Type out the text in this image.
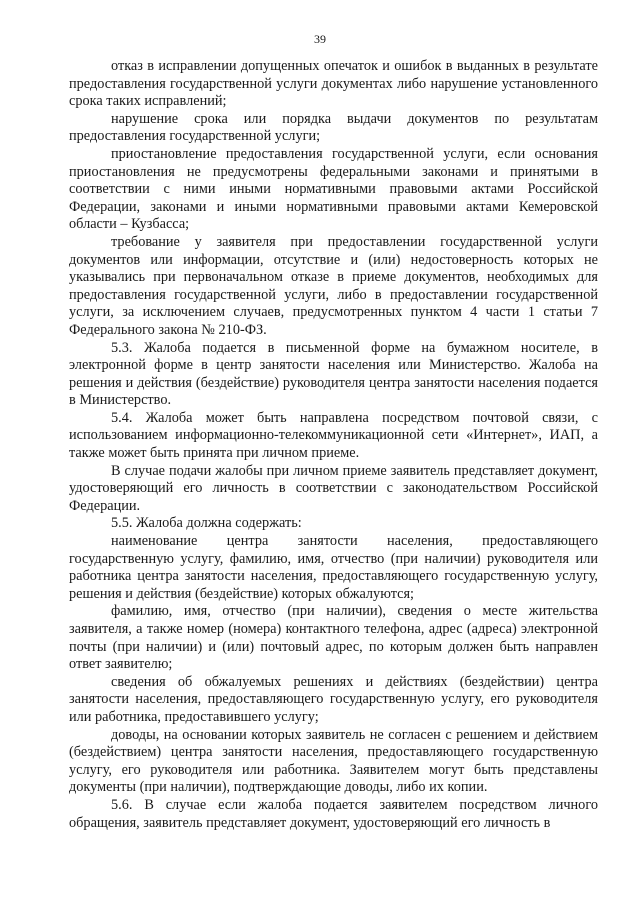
39

отказ в исправлении допущенных опечаток и ошибок в выданных в результате предоставления государственной услуги документах либо нарушение установленного срока таких исправлений;

нарушение срока или порядка выдачи документов по результатам предоставления государственной услуги;

приостановление предоставления государственной услуги, если основания приостановления не предусмотрены федеральными законами и принятыми в соответствии с ними иными нормативными правовыми актами Российской Федерации, законами и иными нормативными правовыми актами Кемеровской области – Кузбасса;

требование у заявителя при предоставлении государственной услуги документов или информации, отсутствие и (или) недостоверность которых не указывались при первоначальном отказе в приеме документов, необходимых для предоставления государственной услуги, либо в предоставлении государственной услуги, за исключением случаев, предусмотренных пунктом 4 части 1 статьи 7 Федерального закона № 210-ФЗ.

5.3. Жалоба подается в письменной форме на бумажном носителе, в электронной форме в центр занятости населения или Министерство. Жалоба на решения и действия (бездействие) руководителя центра занятости населения подается в Министерство.

5.4. Жалоба может быть направлена посредством почтовой связи, с использованием информационно-телекоммуникационной сети «Интернет», ИАП, а также может быть принята при личном приеме.

В случае подачи жалобы при личном приеме заявитель представляет документ, удостоверяющий его личность в соответствии с законодательством Российской Федерации.

5.5. Жалоба должна содержать:

наименование центра занятости населения, предоставляющего государственную услугу, фамилию, имя, отчество (при наличии) руководителя или работника центра занятости населения, предоставляющего государственную услугу, решения и действия (бездействие) которых обжалуются;

фамилию, имя, отчество (при наличии), сведения о месте жительства заявителя, а также номер (номера) контактного телефона, адрес (адреса) электронной почты (при наличии) и (или) почтовый адрес, по которым должен быть направлен ответ заявителю;

сведения об обжалуемых решениях и действиях (бездействии) центра занятости населения, предоставляющего государственную услугу, его руководителя или работника, предоставившего услугу;

доводы, на основании которых заявитель не согласен с решением и действием (бездействием) центра занятости населения, предоставляющего государственную услугу, его руководителя или работника. Заявителем могут быть представлены документы (при наличии), подтверждающие доводы, либо их копии.

5.6. В случае если жалоба подается заявителем посредством личного обращения, заявитель представляет документ, удостоверяющий его личность в
